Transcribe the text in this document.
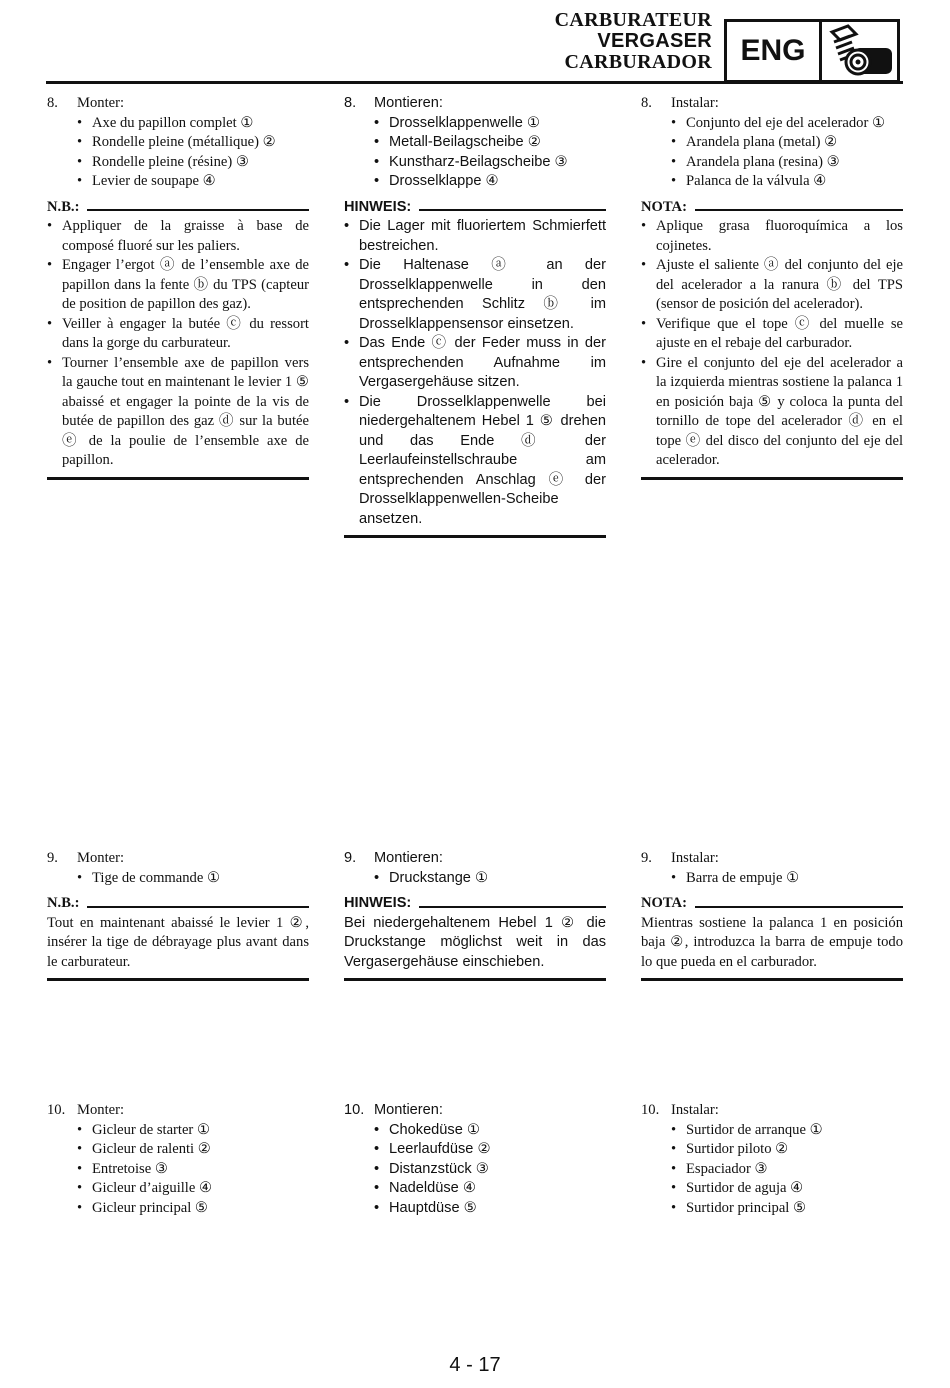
CARBURATEUR
VERGASER
CARBURADOR ENG
8.	Monter:
• Axe du papillon complet ①
• Rondelle pleine (métallique) ②
• Rondelle pleine (résine) ③
• Levier de soupape ④
N.B.:
• Appliquer de la graisse à base de composé fluoré sur les paliers.
• Engager l’ergot ⓐ de l’ensemble axe de papillon dans la fente ⓑ du TPS (capteur de position de papillon des gaz).
• Veiller à engager la butée ⓒ du ressort dans la gorge du carburateur.
• Tourner l’ensemble axe de papillon vers la gauche tout en maintenant le levier 1 ⑤ abaissé et engager la pointe de la vis de butée de papillon des gaz ⓓ sur la butée ⓔ de la poulie de l’ensemble axe de papillon.
8.	Montieren:
• Drosselklappenwelle ①
• Metall-Beilagscheibe ②
• Kunstharz-Beilagscheibe ③
• Drosselklappe ④
HINWEIS:
• Die Lager mit fluoriertem Schmierfett bestreichen.
• Die Haltenase ⓐ an der Drosselklappenwelle in den entsprechenden Schlitz ⓑ im Drosselklappensensor einsetzen.
• Das Ende ⓒ der Feder muss in der entsprechenden Aufnahme im Vergasergehäuse sitzen.
• Die Drosselklappenwelle bei niedergehaltenem Hebel 1 ⑤ drehen und das Ende ⓓ der Leerlaufeinstellschraube am entsprechenden Anschlag ⓔ der Drosselklappenwellen-Scheibe ansetzen.
8.	Instalar:
• Conjunto del eje del acelerador ①
• Arandela plana (metal) ②
• Arandela plana (resina) ③
• Palanca de la válvula ④
NOTA:
• Aplique grasa fluoroquímica a los cojinetes.
• Ajuste el saliente ⓐ del conjunto del eje del acelerador a la ranura ⓑ del TPS (sensor de posición del acelerador).
• Verifique que el tope ⓒ del muelle se ajuste en el rebaje del carburador.
• Gire el conjunto del eje del acelerador a la izquierda mientras sostiene la palanca 1 en posición baja ⑤ y coloca la punta del tornillo de tope del acelerador ⓓ en el tope ⓔ del disco del conjunto del eje del acelerador.
9.	Monter:
• Tige de commande ①
N.B.:
Tout en maintenant abaissé le levier 1 ②, insérer la tige de débrayage plus avant dans le carburateur.
9.	Montieren:
• Druckstange ①
HINWEIS:
Bei niedergehaltenem Hebel 1 ② die Druckstange möglichst weit in das Vergasergehäuse einschieben.
9.	Instalar:
• Barra de empuje ①
NOTA:
Mientras sostiene la palanca 1 en posición baja ②, introduzca la barra de empuje todo lo que pueda en el carburador.
10. Monter:
• Gicleur de starter ①
• Gicleur de ralenti ②
• Entretoise ③
• Gicleur d’aiguille ④
• Gicleur principal ⑤
10. Montieren:
• Chokedüse ①
• Leerlaufdüse ②
• Distanzstück ③
• Nadeldüse ④
• Hauptdüse ⑤
10. Instalar:
• Surtidor de arranque ①
• Surtidor piloto ②
• Espaciador ③
• Surtidor de aguja ④
• Surtidor principal ⑤
4 - 17
